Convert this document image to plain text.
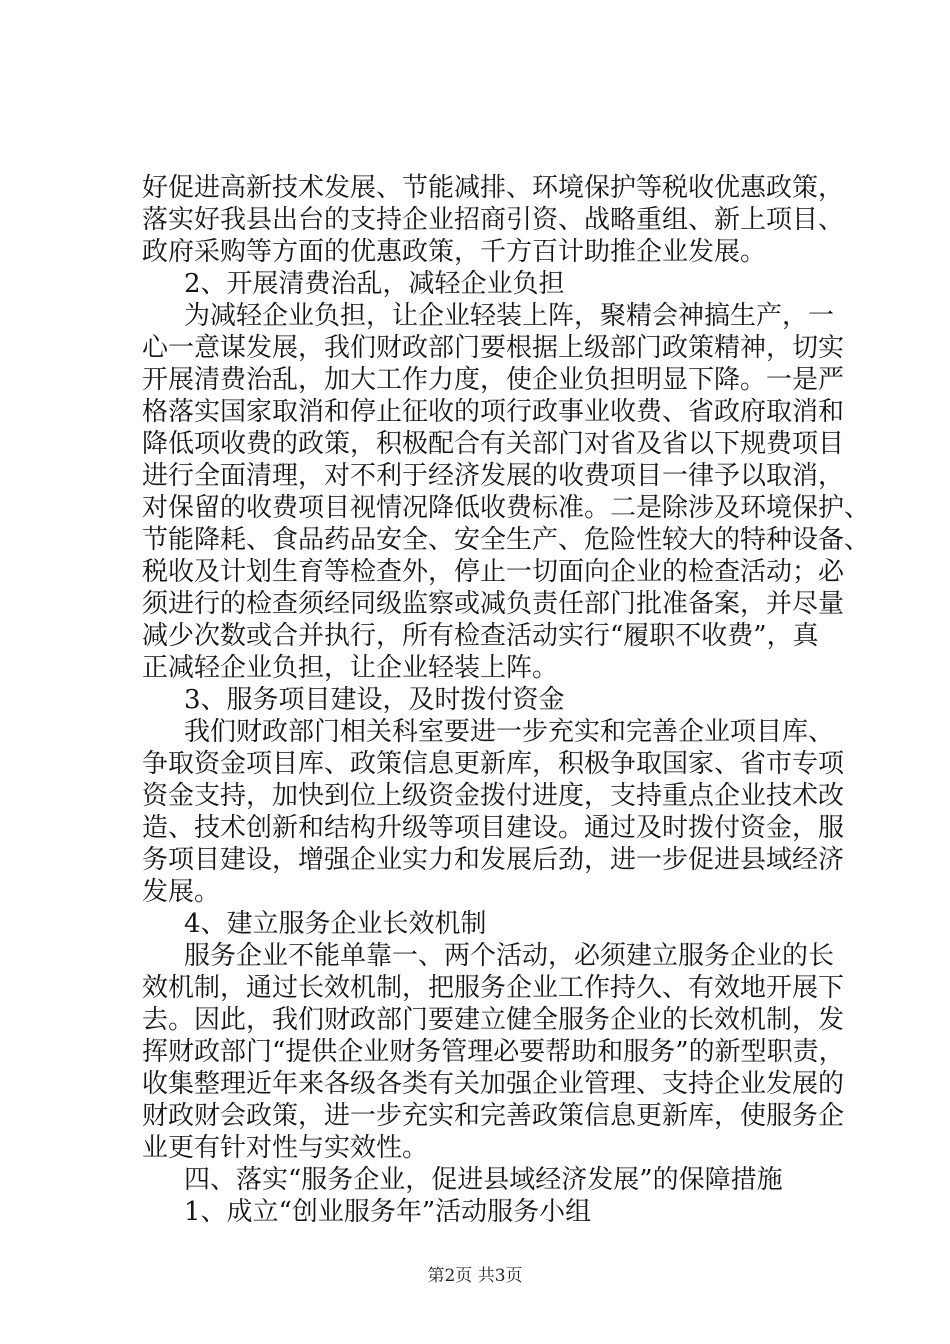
好促进高新技术发展、节能减排、环境保护等税收优惠政策，
落实好我县出台的支持企业招商引资、战略重组、新上项目、
政府采购等方面的优惠政策，千方百计助推企业发展。
2、开展清费治乱，减轻企业负担
为减轻企业负担，让企业轻装上阵，聚精会神搞生产，一
心一意谋发展，我们财政部门要根据上级部门政策精神，切实
开展清费治乱，加大工作力度，使企业负担明显下降。一是严
格落实国家取消和停止征收的项行政事业收费、省政府取消和
降低项收费的政策，积极配合有关部门对省及省以下规费项目
进行全面清理，对不利于经济发展的收费项目一律予以取消，
对保留的收费项目视情况降低收费标准。二是除涉及环境保护、
节能降耗、食品药品安全、安全生产、危险性较大的特种设备、
税收及计划生育等检查外，停止一切面向企业的检查活动；必
须进行的检查须经同级监察或减负责任部门批准备案，并尽量
减少次数或合并执行，所有检查活动实行“履职不收费”，真
正减轻企业负担，让企业轻装上阵。
3、服务项目建设，及时拨付资金
我们财政部门相关科室要进一步充实和完善企业项目库、
争取资金项目库、政策信息更新库，积极争取国家、省市专项
资金支持，加快到位上级资金拨付进度，支持重点企业技术改
造、技术创新和结构升级等项目建设。通过及时拨付资金，服
务项目建设，增强企业实力和发展后劲，进一步促进县域经济
发展。
4、建立服务企业长效机制
服务企业不能单靠一、两个活动，必须建立服务企业的长
效机制，通过长效机制，把服务企业工作持久、有效地开展下
去。因此，我们财政部门要建立健全服务企业的长效机制，发
挥财政部门“提供企业财务管理必要帮助和服务”的新型职责，
收集整理近年来各级各类有关加强企业管理、支持企业发展的
财政财会政策，进一步充实和完善政策信息更新库，使服务企
业更有针对性与实效性。
四、落实“服务企业，促进县域经济发展”的保障措施
1、成立“创业服务年”活动服务小组
第2页 共3页
